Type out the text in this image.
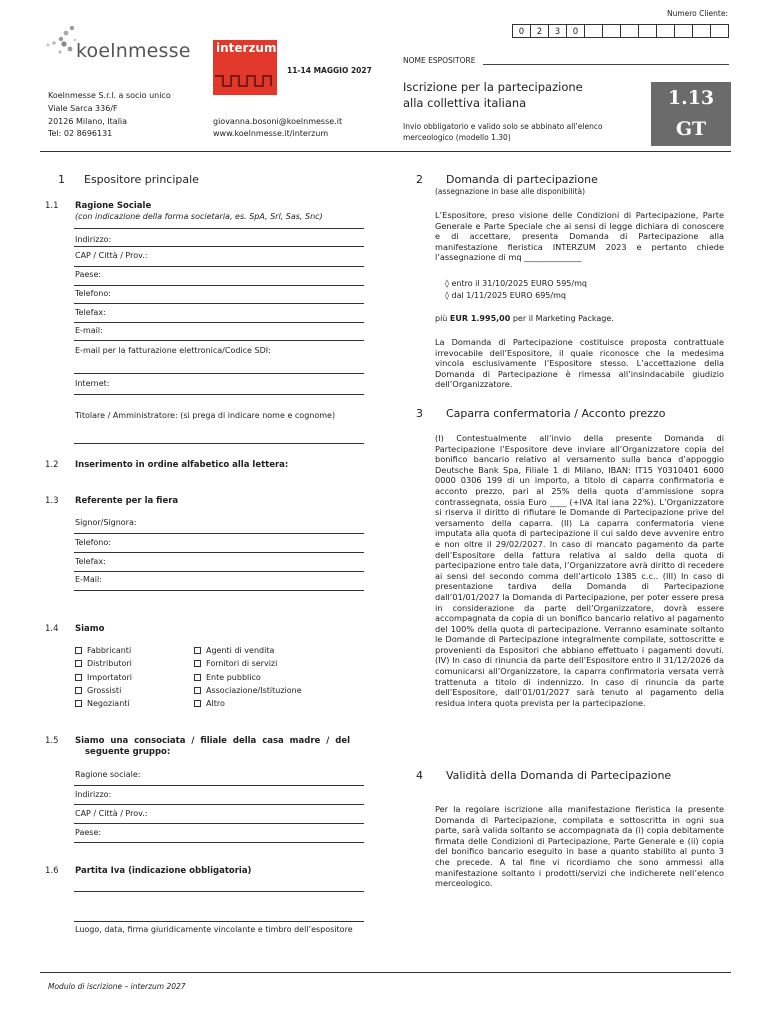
Numero Cliente:
0	2	3	0
koelnmesse interzum
11-14 MAGGIO 2027
NOME ESPOSITORE
Koelnmesse S.r.l. a socio unico
Viale Sarca 336/F
20126 Milano, Italia
Tel: 02 8696131
giovanna.bosoni@koelnmesse.it
www.koelnmesse.it/interzum
Iscrizione per la partecipazione
alla collettiva italiana
Invio obbligatorio e valido solo se abbinato all’elenco
merceologico (modello 1.30)
1.13
GT
1 Espositore principale
1.1 Ragione Sociale
(con indicazione della forma societaria, es. SpA, Srl, Sas, Snc)
Indirizzo:
CAP / Città / Prov.:
Paese:
Telefono:
Telefax:
E-mail:
E-mail per la fatturazione elettronica/Codice SDI:
Internet:
Titolare / Amministratore: (si prega di indicare nome e cognome)
1.2 Inserimento in ordine alfabetico alla lettera:
1.3 Referente per la fiera
Signor/Signora:
Telefono:
Telefax:
E-Mail:
1.4 Siamo
Fabbricanti
Distributori
Importatori
Grossisti
Negozianti
Agenti di vendita
Fornitori di servizi
Ente pubblico
Associazione/Istituzione
Altro
1.5 Siamo  una  consociata  /  filiale  della  casa  madre  /  del
seguente gruppo:
Ragione sociale:
Indirizzo:
CAP / Città / Prov.:
Paese:
1.6 Partita Iva (indicazione obbligatoria)
Luogo, data, firma giuridicamente vincolante e timbro dell’espositore
2 Domanda di partecipazione
(assegnazione in base alle disponibilità)
L’Espositore, preso visione delle Condizioni di Partecipazione, Parte Generale e Parte Speciale che ai sensi di legge dichiara di conoscere e di accettare, presenta Domanda di Partecipazione alla manifestazione fieristica INTERZUM 2023 e pertanto chiede l’assegnazione di mq ______________
◊ entro il 31/10/2025 EURO 595/mq
◊ dal 1/11/2025 EURO 695/mq
più EUR 1.995,00 per il Marketing Package.
La Domanda di Partecipazione costituisce proposta contrattuale irrevocabile dell’Espositore, il quale riconosce che la medesima vincola esclusivamente l’Espositore stesso. L’accettazione della Domanda di Partecipazione è rimessa all’insindacabile giudizio dell’Organizzatore.
3 Caparra confermatoria / Acconto prezzo
(I) Contestualmente all’invio della presente Domanda di Partecipazione l’Espositore deve inviare all’Organizzatore copia del bonifico bancario relativo al versamento sulla banca d’appoggio Deutsche Bank Spa, Filiale 1 di Milano, IBAN: IT15 Y0310401 6000 0000 0306 199 di un importo, a titolo di caparra confirmatoria e acconto prezzo, pari al 25% della quota d’ammissione sopra contrassegnata, ossia Euro ____ (+IVA ital iana 22%). L’Organizzatore si riserva il diritto di rifiutare le Domande di Partecipazione prive del versamento della caparra. (II) La caparra confermatoria viene imputata alla quota di partecipazione il cui saldo deve avvenire entro e non oltre il 29/02/2027. In caso di mancato pagamento da parte dell’Espositore della fattura relativa al saldo della quota di partecipazione entro tale data, l’Organizzatore avrà diritto di recedere ai sensi del secondo comma dell’articolo 1385 c.c.. (III) In caso di presentazione tardiva della Domanda di Partecipazione dall’01/01/2027 la Domanda di Partecipazione, per poter essere presa in considerazione da parte dell’Organizzatore, dovrà essere accompagnata da copia di un bonifico bancario relativo al pagamento del 100% della quota di partecipazione. Verranno esaminate soltanto le Domande di Partecipazione integralmente compilate, sottoscritte e provenienti da Espositori che abbiano effettuato i pagamenti dovuti. (IV) In caso di rinuncia da parte dell’Espositore entro il 31/12/2026 da comunicarsi all’Organizzatore, la caparra confirmatoria versata verrà trattenuta a titolo di indennizzo. In caso di rinuncia da parte dell’Espositore, dall’01/01/2027 sarà tenuto al pagamento della residua intera quota prevista per la partecipazione.
4 Validità della Domanda di Partecipazione
Per la regolare iscrizione alla manifestazione fieristica la presente Domanda di Partecipazione, compilata e sottoscritta in ogni sua parte, sarà valida soltanto se accompagnata da (i) copia debitamente firmata delle Condizioni di Partecipazione, Parte Generale e (ii) copia del bonifico bancario eseguito in base a quanto stabilito al punto 3 che precede. A tal fine vi ricordiamo che sono ammessi alla manifestazione soltanto i prodotti/servizi che indicherete nell’elenco merceologico.
Modulo di iscrizione – interzum 2027
